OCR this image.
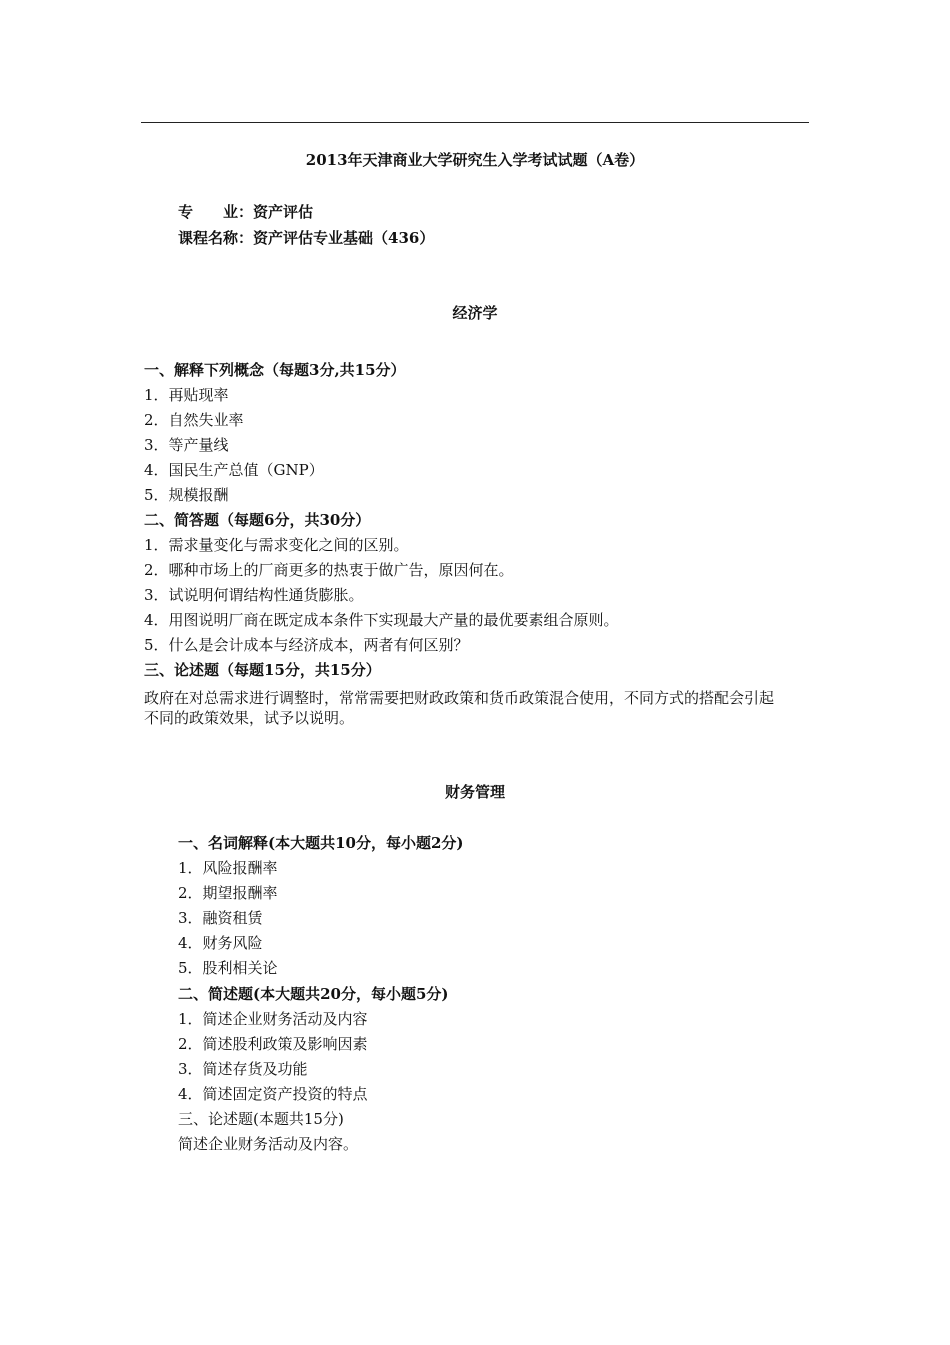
2013年天津商业大学研究生入学考试试题（A卷）
专　　业：资产评估
课程名称：资产评估专业基础（436）
经济学
一、解释下列概念（每题3分,共15分）
1．再贴现率
2．自然失业率
3．等产量线
4．国民生产总值（GNP）
5．规模报酬
二、简答题（每题6分，共30分）
1．需求量变化与需求变化之间的区别。
2．哪种市场上的厂商更多的热衷于做广告，原因何在。
3．试说明何谓结构性通货膨胀。
4．用图说明厂商在既定成本条件下实现最大产量的最优要素组合原则。
5．什么是会计成本与经济成本，两者有何区别？
三、论述题（每题15分，共15分）
政府在对总需求进行调整时，常常需要把财政政策和货币政策混合使用，不同方式的搭配会引起不同的政策效果，试予以说明。
财务管理
一、名词解释(本大题共10分，每小题2分)
1．风险报酬率
2．期望报酬率
3．融资租赁
4．财务风险
5．股利相关论
二、简述题(本大题共20分，每小题5分)
1．简述企业财务活动及内容
2．简述股利政策及影响因素
3．简述存货及功能
4．简述固定资产投资的特点
三、论述题(本题共15分)
简述企业财务活动及内容。
